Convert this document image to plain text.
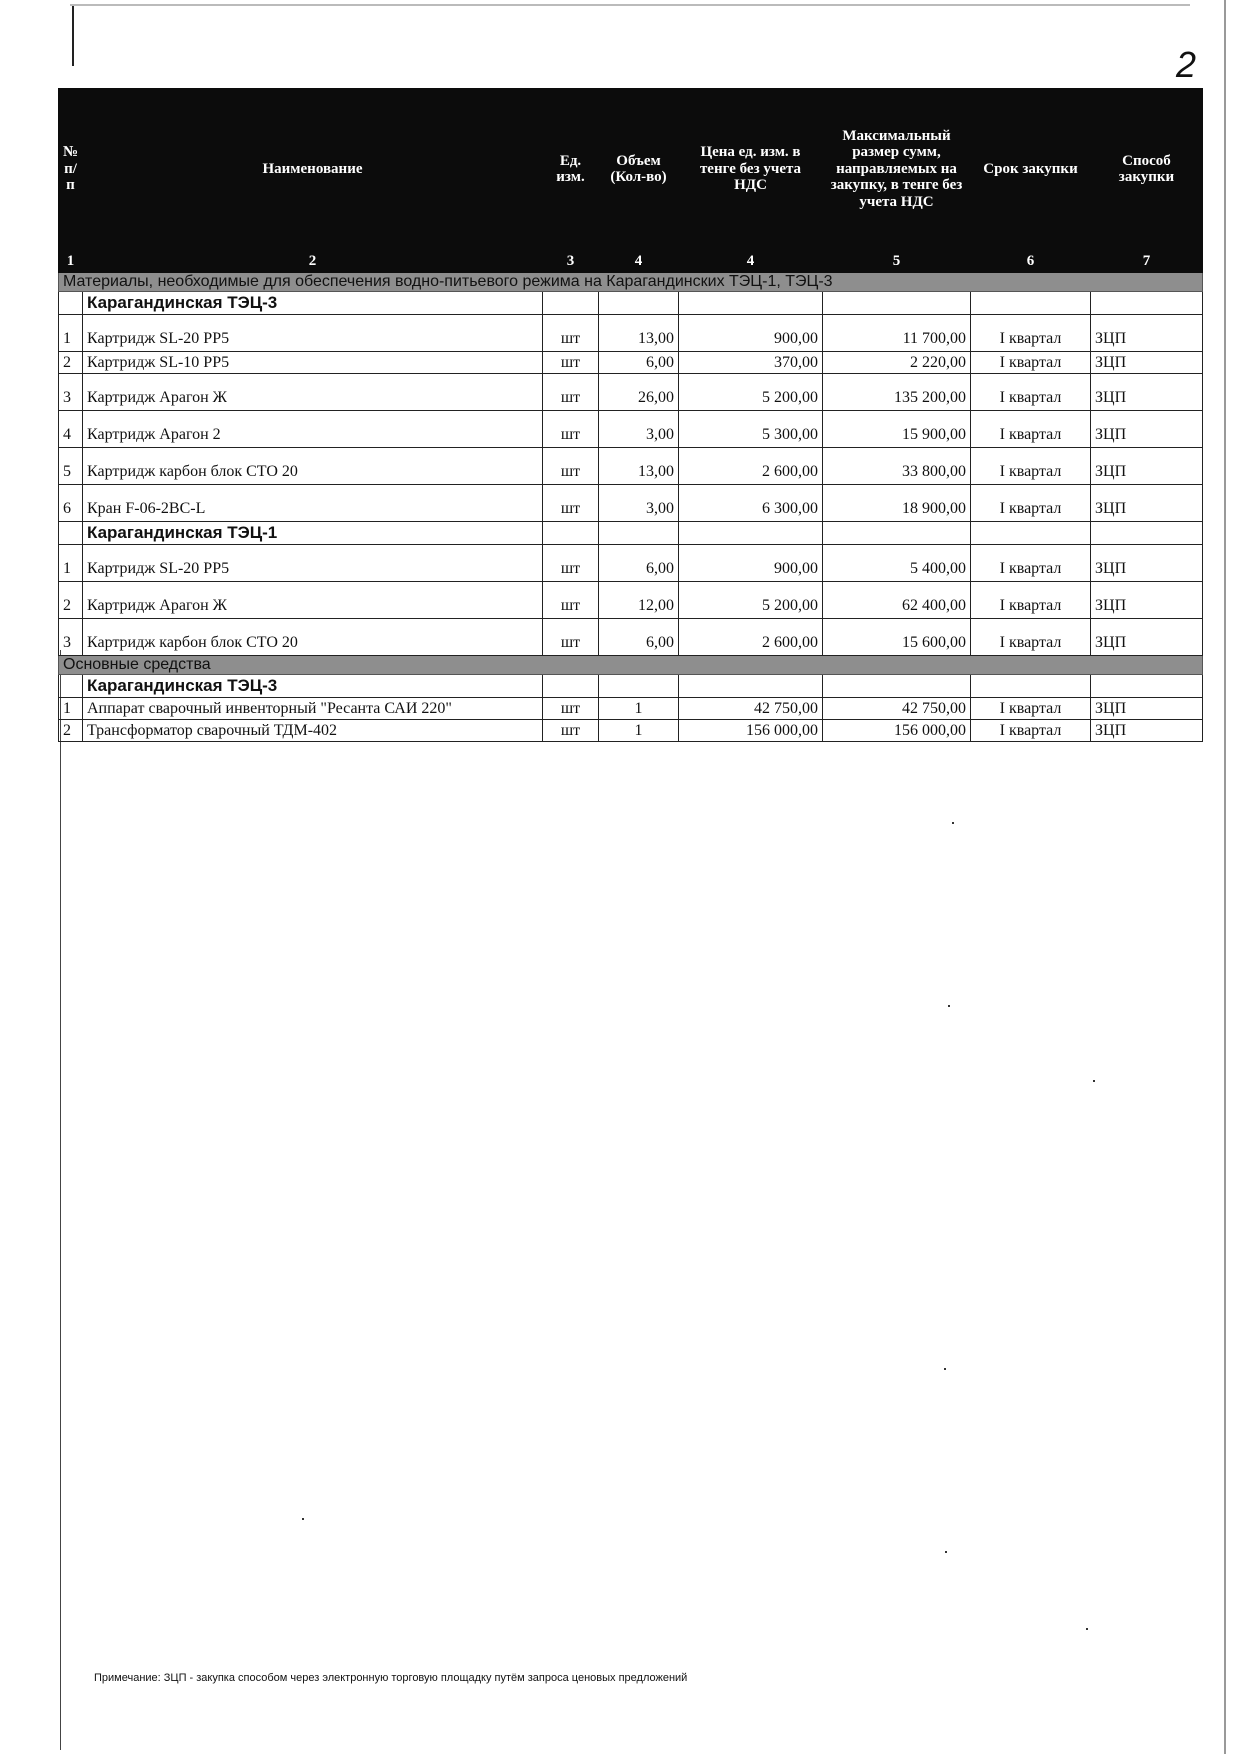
2
№ п/п	Наименование	Ед. изм.	Объем (Кол-во)	Цена ед. изм. в тенге без учета НДС	Максимальный размер сумм, направляемых на закупку, в тенге без учета НДС	Срок закупки	Способ закупки
1	2	3	4	4	5	6	7
Материалы, необходимые для обеспечения водно-питьевого режима на Карагандинских ТЭЦ-1, ТЭЦ-3							
	Карагандинская ТЭЦ-3						
1	Картридж SL-20 PP5	шт	13,00	900,00	11 700,00	I квартал	ЗЦП
2	Картридж SL-10 PP5	шт	6,00	370,00	2 220,00	I квартал	ЗЦП
3	Картридж Арагон Ж	шт	26,00	5 200,00	135 200,00	I квартал	ЗЦП
4	Картридж Арагон 2	шт	3,00	5 300,00	15 900,00	I квартал	ЗЦП
5	Картридж карбон блок СТО 20	шт	13,00	2 600,00	33 800,00	I квартал	ЗЦП
6	Кран F-06-2BC-L	шт	3,00	6 300,00	18 900,00	I квартал	ЗЦП
	Карагандинская ТЭЦ-1						
1	Картридж SL-20 PP5	шт	6,00	900,00	5 400,00	I квартал	ЗЦП
2	Картридж Арагон Ж	шт	12,00	5 200,00	62 400,00	I квартал	ЗЦП
3	Картридж карбон блок СТО 20	шт	6,00	2 600,00	15 600,00	I квартал	ЗЦП
Основные средства							
	Карагандинская ТЭЦ-3						
1	Аппарат сварочный инвенторный "Ресанта САИ 220"	шт	1	42 750,00	42 750,00	I квартал	ЗЦП
2	Трансформатор сварочный ТДМ-402	шт	1	156 000,00	156 000,00	I квартал	ЗЦП
Примечание: ЗЦП - закупка способом через электронную торговую площадку путём запроса ценовых предложений
